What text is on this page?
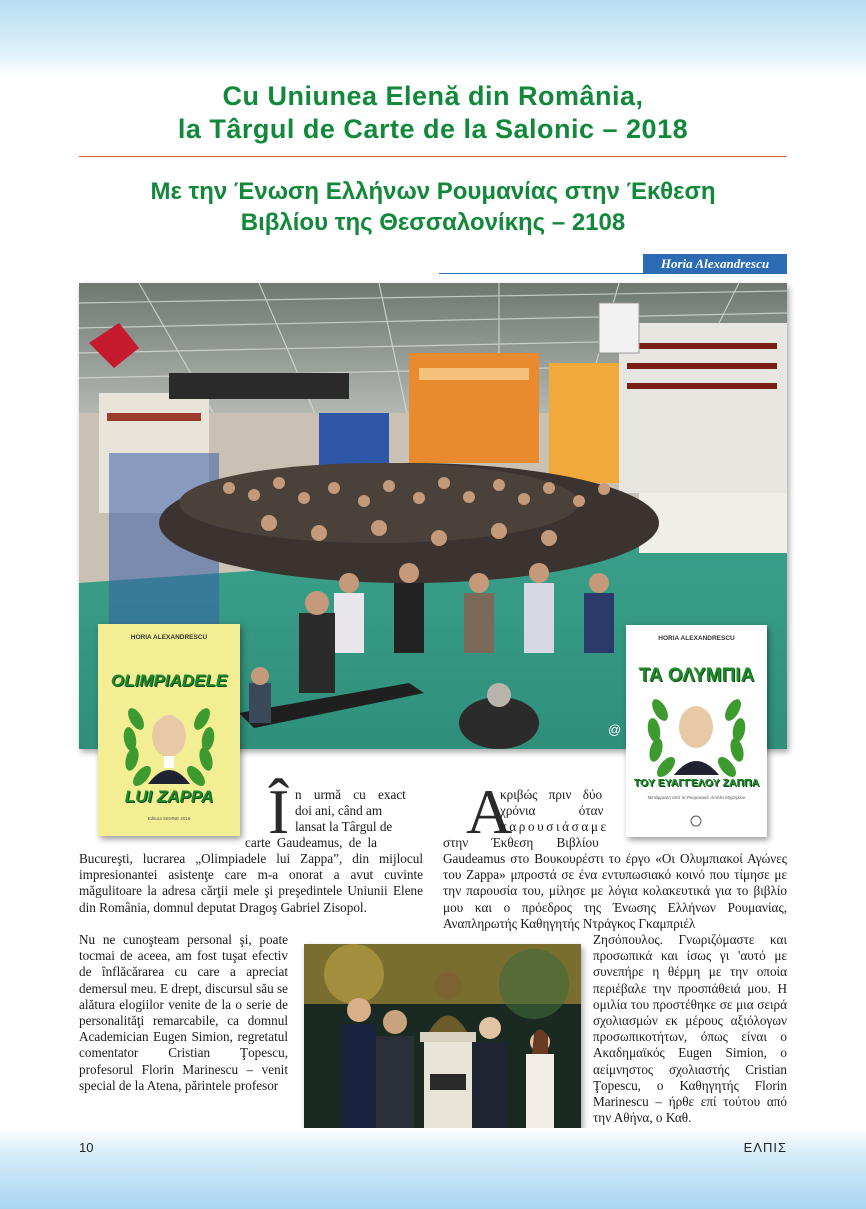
Cu Uniunea Elenă din România,
la Târgul de Carte de la Salonic – 2018
Με την Ένωση Ελλήνων Ρουμανίας στην Έκθεση
Βιβλίου της Θεσσαλονίκης – 2108
Horia Alexandrescu
@
HORIA ALEXANDRESCU
OLIMPIADELE
LUI ZAPPA
Editura SEMNE 2018
HORIA ALEXANDRESCU
ΤΑ ΟΛΥΜΠΙΑ
ΤΟΥ ΕΥΑΓΓΕΛΟΥ ΖΑΠΠΑ
Μετάφραση από τα Ρουμανικά: Αντέλα Μιχαηλίου
Î n urmă cu exact

doi ani, când am

lansat la Târgul de

carte Gaudeamus, de la

Bucureşti, lucrarea „Olimpiadele lui Zappa”, din mijlocul impresionantei asistenţe care m-a onorat a avut cuvinte măgulitoare la adresa cărţii mele şi preşedintele Uniunii Elene din România, domnul deputat Dragoş Gabriel Zisopol.

Nu ne cunoşteam personal şi, poate tocmai de aceea, am fost tuşat efectiv de înflăcărarea cu care a apreciat demersul meu. E drept, discursul său se alătura elogiilor venite de la o serie de personalităţi remarcabile, ca domnul Academician Eugen Simion, regretatul comentator Cristian Ţopescu, profesorul Florin Marinescu – venit special de la Atena, părintele profesor

Α

κριβώς πριν δύο

χρόνια όταν

παρουσιάσαμε

στην Έκθεση Βιβλίου

Gaudeamus στο Βουκουρέστι το έργο «Οι Ολυμπιακοί Αγώνες του Zappa» μπροστά σε ένα εντυπωσιακό κοινό που τίμησε με την παρουσία του, μίλησε με λόγια κολακευτικά για το βιβλίο μου και ο πρόεδρος της Ένωσης Ελλήνων Ρουμανίας, Αναπληρωτής Καθηγητής Ντράγκος Γκαμπριέλ

Ζησόπουλος. Γνωριζόμαστε και προσωπικά και ίσως γι 'αυτό με συνεπήρε η θέρμη με την οποία περιέβαλε την προσπάθειά μου. Η ομιλία του προστέθηκε σε μια σειρά σχολιασμών εκ μέρους αξιόλογων προσωπικοτήτων, όπως είναι ο Ακαδημαϊκός Eugen Simion, ο αείμνηστος σχολιαστής Cristian Ţopescu, ο Καθηγητής Florin Marinescu – ήρθε επί τούτου από την Αθήνα, ο Καθ.

10	ΕΛΠΙΣ
